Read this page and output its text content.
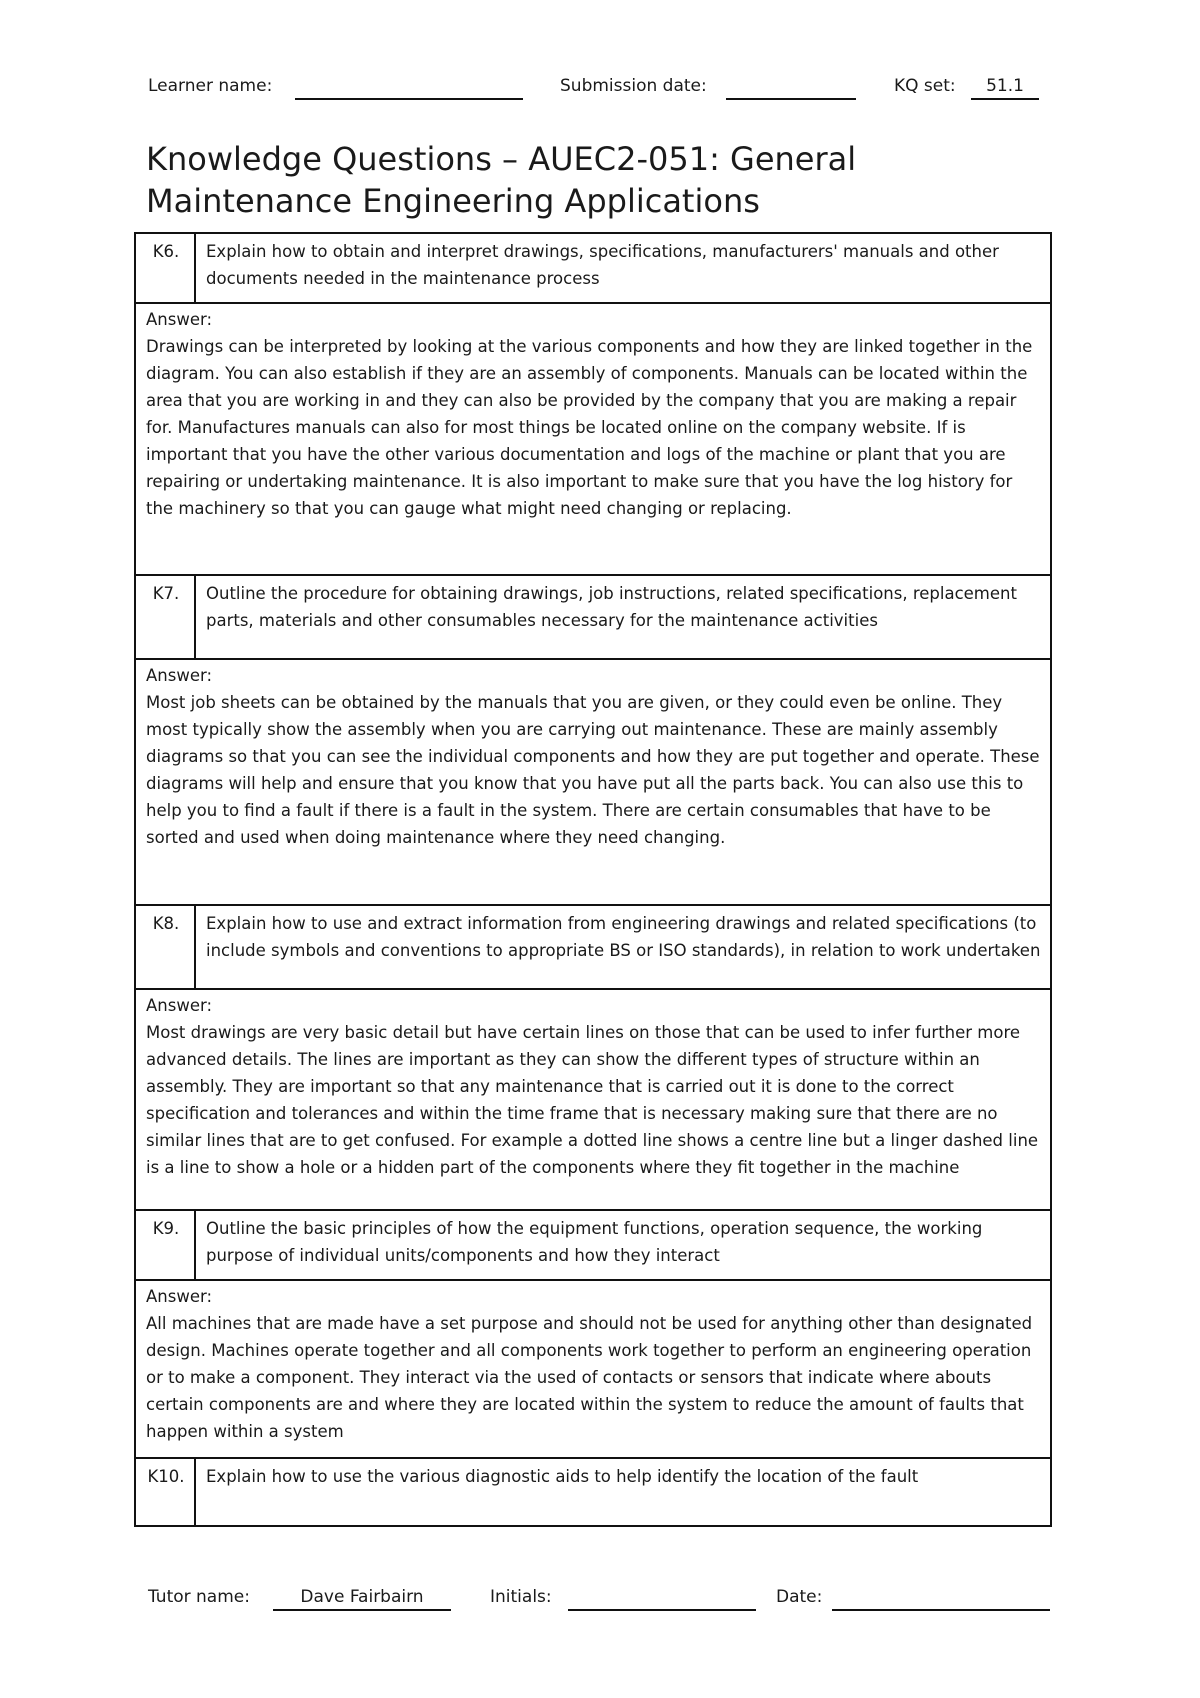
Learner name:	Submission date:	KQ set:	51.1
Knowledge Questions – AUEC2-051: General Maintenance Engineering Applications
K6.	Explain how to obtain and interpret drawings, specifications, manufacturers' manuals and other documents needed in the maintenance process
Answer:
Drawings can be interpreted by looking at the various components and how they are linked together in the diagram. You can also establish if they are an assembly of components. Manuals can be located within the area that you are working in and they can also be provided by the company that you are making a repair for. Manufactures manuals can also for most things be located online on the company website. If is important that you have the other various documentation and logs of the machine or plant that you are repairing or undertaking maintenance. It is also important to make sure that you have the log history for the machinery so that you can gauge what might need changing or replacing.
K7.	Outline the procedure for obtaining drawings, job instructions, related specifications, replacement parts, materials and other consumables necessary for the maintenance activities
Answer:
Most job sheets can be obtained by the manuals that you are given, or they could even be online. They most typically show the assembly when you are carrying out maintenance. These are mainly assembly diagrams so that you can see the individual components and how they are put together and operate. These diagrams will help and ensure that you know that you have put all the parts back. You can also use this to help you to find a fault if there is a fault in the system. There are certain consumables that have to be sorted and used when doing maintenance where they need changing.
K8.	Explain how to use and extract information from engineering drawings and related specifications (to include symbols and conventions to appropriate BS or ISO standards), in relation to work undertaken
Answer:
Most drawings are very basic detail but have certain lines on those that can be used to infer further more advanced details. The lines are important as they can show the different types of structure within an assembly. They are important so that any maintenance that is carried out it is done to the correct specification and tolerances and within the time frame that is necessary making sure that there are no similar lines that are to get confused. For example a dotted line shows a centre line but a linger dashed line is a line to show a hole or a hidden part of the components where they fit together in the machine
K9.	Outline the basic principles of how the equipment functions, operation sequence, the working purpose of individual units/components and how they interact
Answer:
All machines that are made have a set purpose and should not be used for anything other than designated design. Machines operate together and all components work together to perform an engineering operation or to make a component. They interact via the used of contacts or sensors that indicate where abouts certain components are and where they are located within the system to reduce the amount of faults that happen within a system
K10.	Explain how to use the various diagnostic aids to help identify the location of the fault
Tutor name:	Dave Fairbairn	Initials:	Date:
